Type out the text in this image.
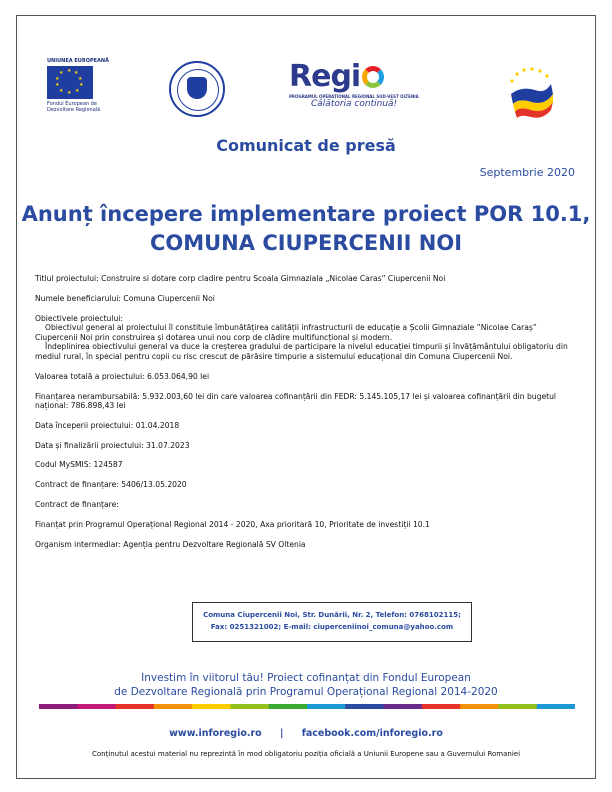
UNIUNEA EUROPEANĂ
★ ★
★
★
★
★
★
★
★
★
Fondul European de Dezvoltare Regională
Regi
PROGRAMUL OPERAȚIONAL REGIONAL SUD-VEST OLTENIA
Călătoria continuă!
Comunicat de presă
Septembrie 2020
Anunț începere implementare proiect POR 10.1,
COMUNA CIUPERCENII NOI

Titlul proiectului: Construire si dotare corp cladire pentru Scoala Gimnaziala „Nicolae Caras” Ciupercenii Noi

Numele beneficiarului: Comuna Ciupercenii Noi

Obiectivele proiectului:
Obiectivul general al proiectului îl constituie îmbunătățirea calității infrastructurii de educație a Școlii Gimnaziale ”Nicolae Caraș” Ciupercenii Noi prin construirea și dotarea unui nou corp de clădire multifuncțional și modern.
Îndeplinirea obiectivului general va duce la creșterea gradului de participare la nivelul educației timpurii și învățământului obligatoriu din mediul rural, în special pentru copii cu risc crescut de părăsire timpurie a sistemului educațional din Comuna Ciupercenii Noi.

Valoarea totală a proiectului: 6.053.064,90 lei

Finanțarea nerambursabilă: 5.932.003,60 lei din care valoarea cofinanțării din FEDR: 5.145.105,17 lei și valoarea cofinanțării din bugetul național: 786.898,43 lei

Data începerii proiectului: 01.04.2018

Data și finalizării proiectului: 31.07.2023

Codul MySMIS: 124587

Contract de finanțare: 5406/13.05.2020

Contract de finanțare:

Finanțat prin Programul Operațional Regional 2014 - 2020, Axa prioritară 10, Prioritate de investiții 10.1

Organism intermediar: Agenția pentru Dezvoltare Regională SV Oltenia

Comuna Ciupercenii Noi, Str. Dunării, Nr. 2, Telefon: 0768102115;
Fax: 0251321002; E-mail: ciupercenii​noi_comuna@yahoo.com
Investim în viitorul tău! Proiect cofinanțat din Fondul European
de Dezvoltare Regională prin Programul Operațional Regional 2014-2020
www.inforegio.ro | facebook.com/inforegio.ro
Conținutul acestui material nu reprezintă în mod obligatoriu poziția oficială a Uniunii Europene sau a Guvernului Romaniei
